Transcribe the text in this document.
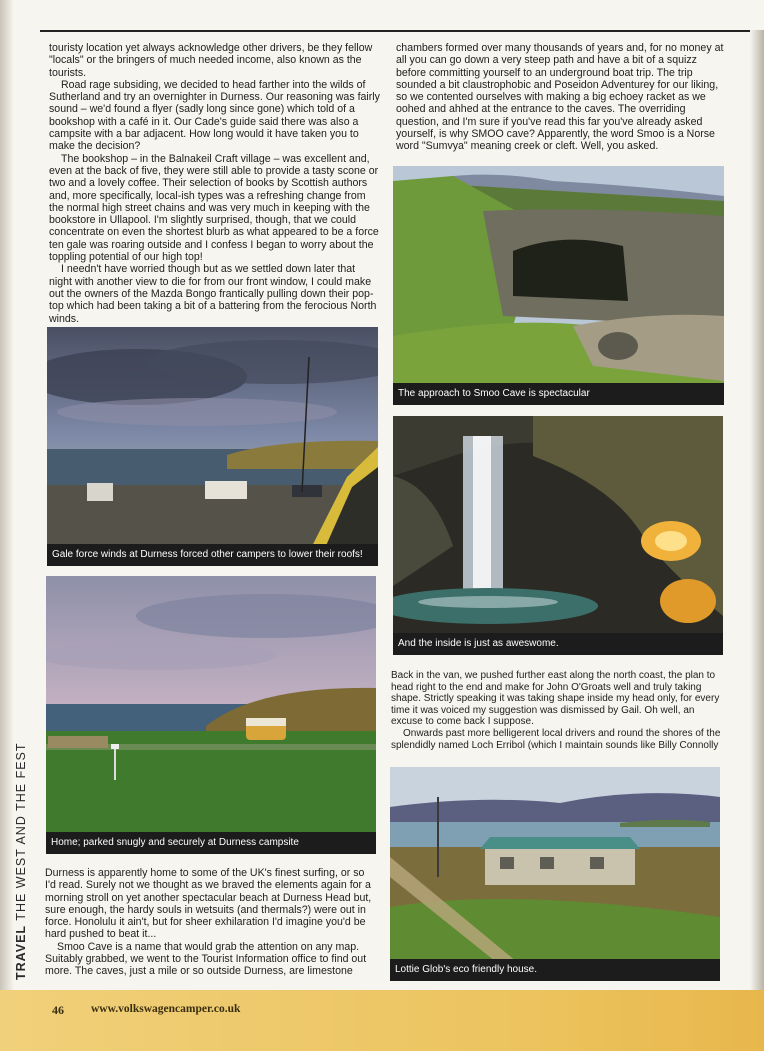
touristy location yet always acknowledge other drivers, be they fellow "locals" or the bringers of much needed income, also known as the tourists.

Road rage subsiding, we decided to head farther into the wilds of Sutherland and try an overnighter in Durness. Our reasoning was fairly sound – we'd found a flyer (sadly long since gone) which told of a bookshop with a café in it. Our Cade's guide said there was also a campsite with a bar adjacent. How long would it have taken you to make the decision?

The bookshop – in the Balnakeil Craft village – was excellent and, even at the back of five, they were still able to provide a tasty scone or two and a lovely coffee. Their selection of books by Scottish authors and, more specifically, local-ish types was a refreshing change from the normal high street chains and was very much in keeping with the bookstore in Ullapool. I'm slightly surprised, though, that we could concentrate on even the shortest blurb as what appeared to be a force ten gale was roaring outside and I confess I began to worry about the toppling potential of our high top!

I needn't have worried though but as we settled down later that night with another view to die for from our front window, I could make out the owners of the Mazda Bongo frantically pulling down their pop-top which had been taking a bit of a battering from the ferocious North winds.

Gale force winds at Durness forced other campers to lower their roofs!
Home; parked snugly and securely at Durness campsite

Durness is apparently home to some of the UK's finest surfing, or so I'd read. Surely not we thought as we braved the elements again for a morning stroll on yet another spectacular beach at Durness Head but, sure enough, the hardy souls in wetsuits (and thermals?) were out in force. Honolulu it ain't, but for sheer exhilaration I'd imagine you'd be hard pushed to beat it...

Smoo Cave is a name that would grab the attention on any map. Suitably grabbed, we went to the Tourist Information office to find out more. The caves, just a mile or so outside Durness, are limestone

chambers formed over many thousands of years and, for no money at all you can go down a very steep path and have a bit of a squizz before committing yourself to an underground boat trip. The trip sounded a bit claustrophobic and Poseidon Adventurey for our liking, so we contented ourselves with making a big echoey racket as we oohed and ahhed at the entrance to the caves. The overriding question, and I'm sure if you've read this far you've already asked yourself, is why SMOO cave? Apparently, the word Smoo is a Norse word "Sumvya" meaning creek or cleft. Well, you asked.

The approach to Smoo Cave is spectacular
And the inside is just as aweswome.

Back in the van, we pushed further east along the north coast, the plan to head right to the end and make for John O'Groats well and truly taking shape. Strictly speaking it was taking shape inside my head only, for every time it was voiced my suggestion was dismissed by Gail. Oh well, an excuse to come back I suppose.

Onwards past more belligerent local drivers and round the shores of the splendidly named Loch Erribol (which I maintain sounds like Billy Connolly

Lottie Glob's eco friendly house.
TRAVEL THE WEST AND THE FEST
46 www.volkswagencamper.co.uk
